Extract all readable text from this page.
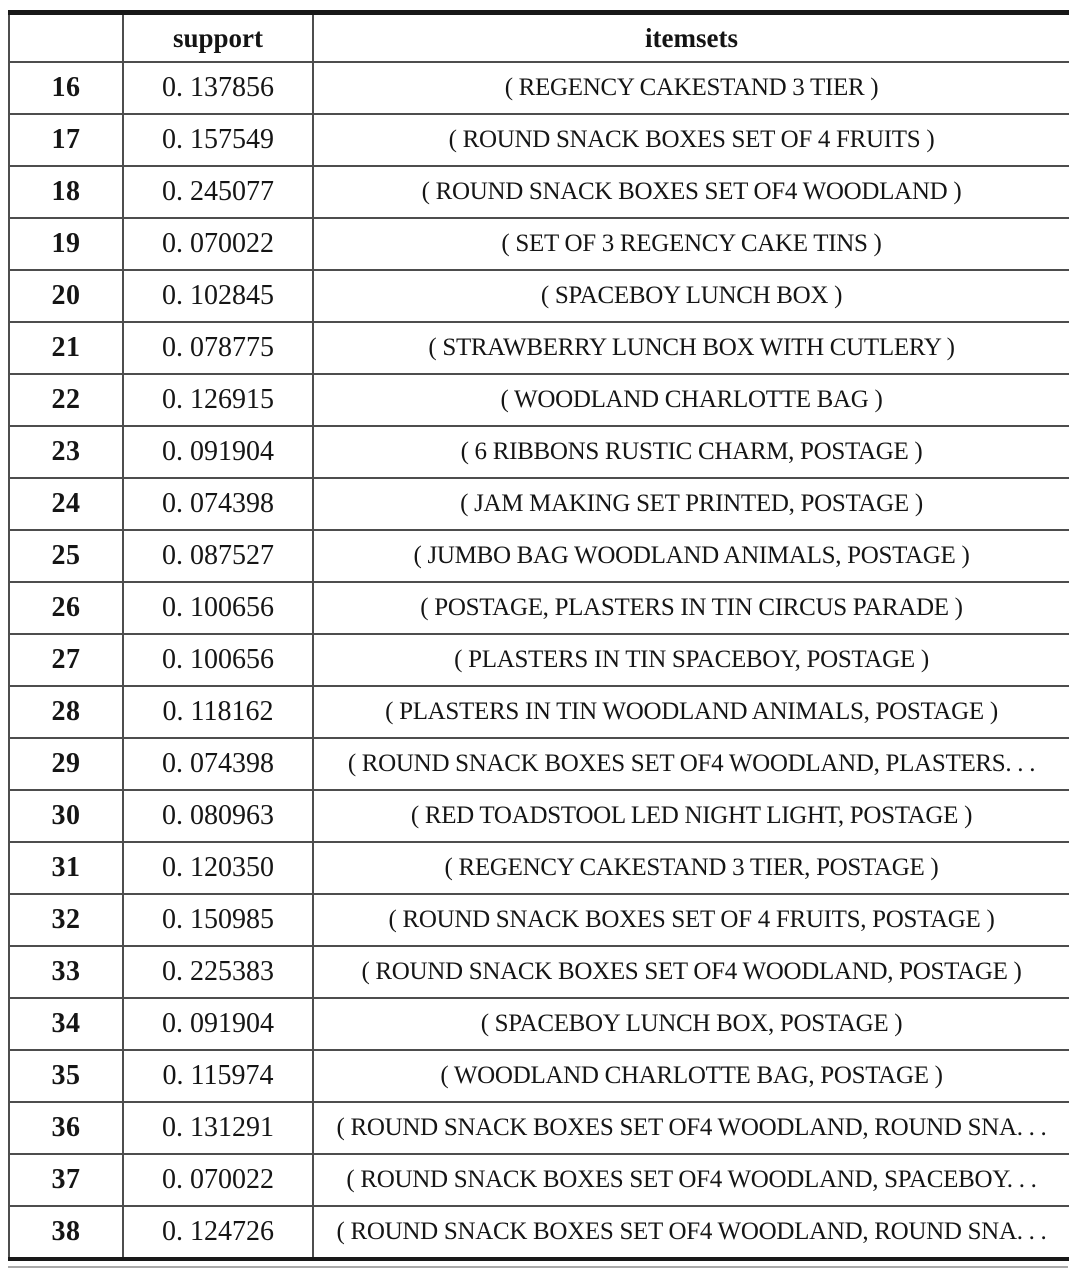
	support	itemsets
16	0. 137856	( REGENCY CAKESTAND 3 TIER )
17	0. 157549	( ROUND SNACK BOXES SET OF 4 FRUITS )
18	0. 245077	( ROUND SNACK BOXES SET OF4 WOODLAND )
19	0. 070022	( SET OF 3 REGENCY CAKE TINS )
20	0. 102845	( SPACEBOY LUNCH BOX )
21	0. 078775	( STRAWBERRY LUNCH BOX WITH CUTLERY )
22	0. 126915	( WOODLAND CHARLOTTE BAG )
23	0. 091904	( 6 RIBBONS RUSTIC CHARM, POSTAGE )
24	0. 074398	( JAM MAKING SET PRINTED, POSTAGE )
25	0. 087527	( JUMBO BAG WOODLAND ANIMALS, POSTAGE )
26	0. 100656	( POSTAGE, PLASTERS IN TIN CIRCUS PARADE )
27	0. 100656	( PLASTERS IN TIN SPACEBOY, POSTAGE )
28	0. 118162	( PLASTERS IN TIN WOODLAND ANIMALS, POSTAGE )
29	0. 074398	( ROUND SNACK BOXES SET OF4 WOODLAND, PLASTERS. . .
30	0. 080963	( RED TOADSTOOL LED NIGHT LIGHT, POSTAGE )
31	0. 120350	( REGENCY CAKESTAND 3 TIER, POSTAGE )
32	0. 150985	( ROUND SNACK BOXES SET OF 4 FRUITS, POSTAGE )
33	0. 225383	( ROUND SNACK BOXES SET OF4 WOODLAND, POSTAGE )
34	0. 091904	( SPACEBOY LUNCH BOX, POSTAGE )
35	0. 115974	( WOODLAND CHARLOTTE BAG, POSTAGE )
36	0. 131291	( ROUND SNACK BOXES SET OF4 WOODLAND, ROUND SNA. . .
37	0. 070022	( ROUND SNACK BOXES SET OF4 WOODLAND, SPACEBOY. . .
38	0. 124726	( ROUND SNACK BOXES SET OF4 WOODLAND, ROUND SNA. . .
